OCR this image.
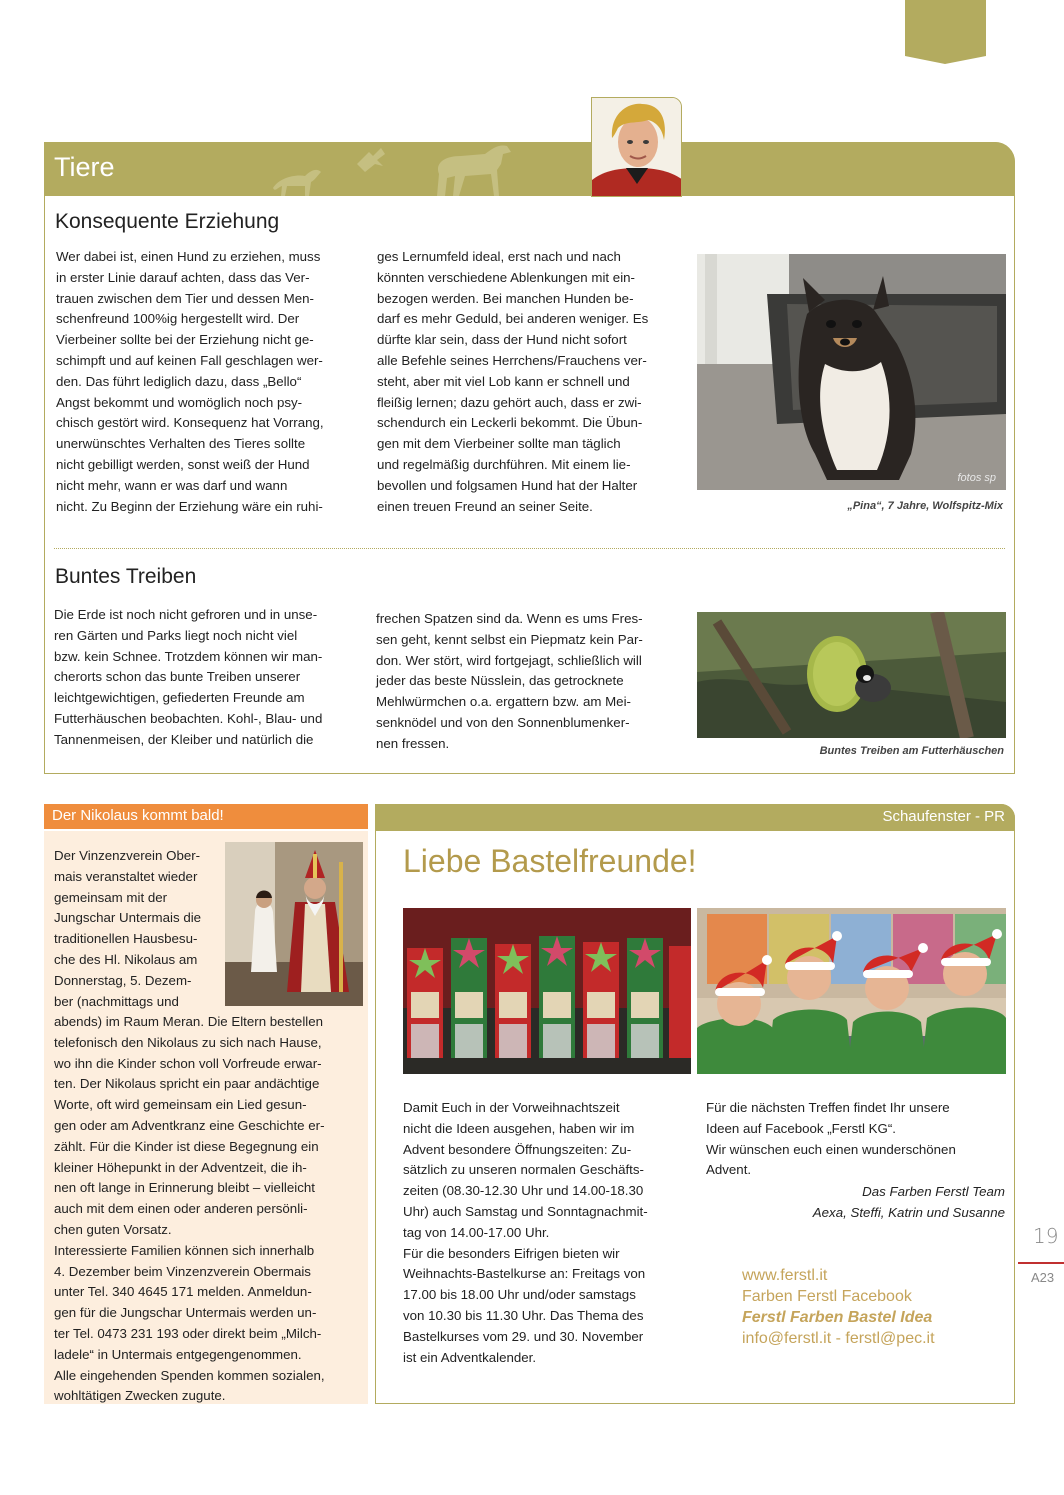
Tiere
Konsequente Erziehung

Wer dabei ist, einen Hund zu erziehen, muss

in erster Linie darauf achten, dass das Ver-

trauen zwischen dem Tier und dessen Men-

schenfreund 100%ig hergestellt wird. Der

Vierbeiner sollte bei der Erziehung nicht ge-

schimpft und auf keinen Fall geschlagen wer-

den. Das führt lediglich dazu, dass „Bello“

Angst bekommt und womöglich noch psy-

chisch gestört wird. Konsequenz hat Vorrang,

unerwünschtes Verhalten des Tieres sollte

nicht gebilligt werden, sonst weiß der Hund

nicht mehr, wann er was darf und wann

nicht. Zu Beginn der Erziehung wäre ein ruhi-

ges Lernumfeld ideal, erst nach und nach

könnten verschiedene Ablenkungen mit ein-

bezogen werden. Bei manchen Hunden be-

darf es mehr Geduld, bei anderen weniger. Es

dürfte klar sein, dass der Hund nicht sofort

alle Befehle seines Herrchens/Frauchens ver-

steht, aber mit viel Lob kann er schnell und

fleißig lernen; dazu gehört auch, dass er zwi-

schendurch ein Leckerli bekommt. Die Übun-

gen mit dem Vierbeiner sollte man täglich

und regelmäßig durchführen. Mit einem lie-

bevollen und folgsamen Hund hat der Halter

einen treuen Freund an seiner Seite.

fotos sp
„Pina“, 7 Jahre, Wolfspitz-Mix
Buntes Treiben

Die Erde ist noch nicht gefroren und in unse-

ren Gärten und Parks liegt noch nicht viel

bzw. kein Schnee. Trotzdem können wir man-

cherorts schon das bunte Treiben unserer

leichtgewichtigen, gefiederten Freunde am

Futterhäuschen beobachten. Kohl-, Blau- und

Tannenmeisen, der Kleiber und natürlich die

frechen Spatzen sind da. Wenn es ums Fres-

sen geht, kennt selbst ein Piepmatz kein Par-

don. Wer stört, wird fortgejagt, schließlich will

jeder das beste Nüsslein, das getrocknete

Mehlwürmchen o.a. ergattern bzw. am Mei-

senknödel und von den Sonnenblumenker-

nen fressen.

Buntes Treiben am Futterhäuschen
Der Nikolaus kommt bald!

Der Vinzenzverein Ober-

mais veranstaltet wieder

gemeinsam mit der

Jungschar Untermais die

traditionellen Hausbesu-

che des Hl. Nikolaus am

Donnerstag, 5. Dezem-

ber (nachmittags und

abends) im Raum Meran. Die Eltern bestellen

telefonisch den Nikolaus zu sich nach Hause,

wo ihn die Kinder schon voll Vorfreude erwar-

ten. Der Nikolaus spricht ein paar andächtige

Worte, oft wird gemeinsam ein Lied gesun-

gen oder am Adventkranz eine Geschichte er-

zählt. Für die Kinder ist diese Begegnung ein

kleiner Höhepunkt in der Adventzeit, die ih-

nen oft lange in Erinnerung bleibt – vielleicht

auch mit dem einen oder anderen persönli-

chen guten Vorsatz.

Interessierte Familien können sich innerhalb

4. Dezember beim Vinzenzverein Obermais

unter Tel. 340 4645 171 melden. Anmeldun-

gen für die Jungschar Untermais werden un-

ter Tel. 0473 231 193 oder direkt beim „Milch-

ladele“ in Untermais entgegengenommen.

Alle eingehenden Spenden kommen sozialen,

wohltätigen Zwecken zugute.

Schaufenster - PR
Liebe Bastelfreunde!

Damit Euch in der Vorweihnachtszeit

nicht die Ideen ausgehen, haben wir im

Advent besondere Öffnungszeiten: Zu-

sätzlich zu unseren normalen Geschäfts-

zeiten (08.30-12.30 Uhr und 14.00-18.30

Uhr) auch Samstag und Sonntagnachmit-

tag von 14.00-17.00 Uhr.

Für die besonders Eifrigen bieten wir

Weihnachts-Bastelkurse an: Freitags von

17.00 bis 18.00 Uhr und/oder samstags

von 10.30 bis 11.30 Uhr. Das Thema des

Bastelkurses vom 29. und 30. November

ist ein Adventkalender.

Für die nächsten Treffen findet Ihr unsere

Ideen auf Facebook „Ferstl KG“.

Wir wünschen euch einen wunderschönen

Advent.

Das Farben Ferstl Team
Aexa, Steffi, Katrin und Susanne
www.ferstl.it
Farben Ferstl Facebook
Ferstl Farben Bastel Idea
info@ferstl.it - ferstl@pec.it
19
A23
